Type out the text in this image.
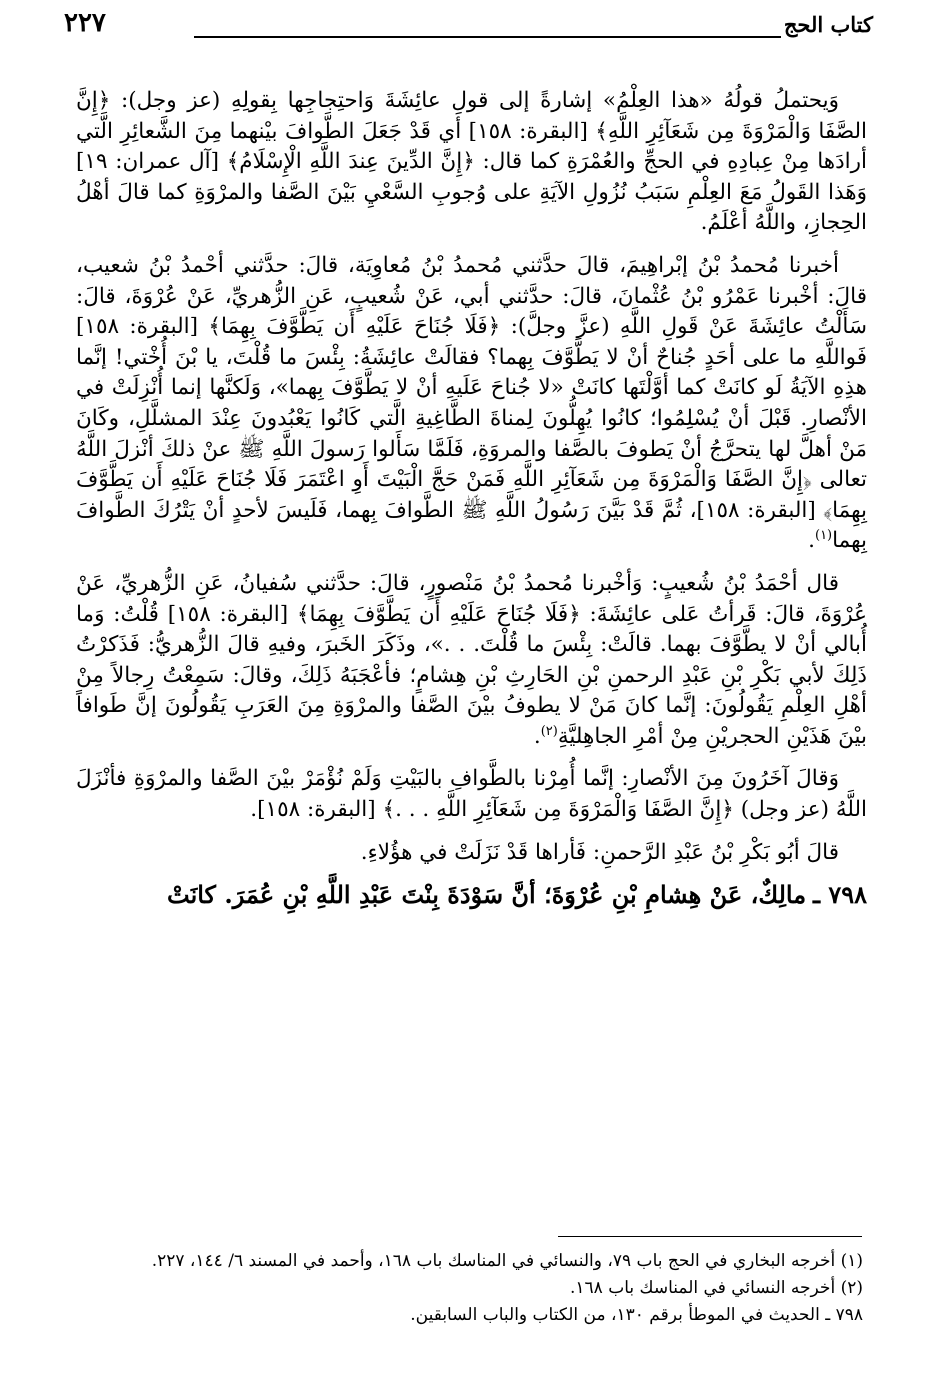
كتاب الحج
٢٢٧

وَيحتملُ قولُهُ «هذا العِلْمُ» إشارةً إلى قولِ عائِشَةَ وَاحتِجاجِها بِقولِهِ (عز وجل): ﴿إِنَّ الصَّفَا وَالْمَرْوَةَ مِن شَعَآئِرِ اللَّهِ﴾ [البقرة: ١٥٨] أي قَدْ جَعَلَ الطَّوافَ بيْنهما مِنَ الشَّعائِرِ الَّتي أرادَها مِنْ عِبادِهِ في الحجِّ والعُمْرَةِ كما قال: ﴿إِنَّ الدِّينَ عِندَ اللَّهِ الْإِسْلَامُ﴾ [آل عمران: ١٩] وَهَذا القَولُ مَعَ العِلْمِ سَبَبُ نُزُولِ الآيَةِ على وُجوبِ السَّعْيِ بَيْنَ الصَّفا والمرْوَةِ كما قالَ أهْلُ الحِجازِ، واللَّهُ أعْلَمُ.

أخبرنا مُحمدُ بْنُ إبْراهِيمَ، قالَ حدَّثني مُحمدُ بْنُ مُعاوِيَة، قالَ: حدَّثني أحْمدُ بْنُ شعيب، قالَ: أخْبرنا عَمْرُو بْنُ عُثْمانَ، قالَ: حدَّثني أبي، عَنْ شُعيبٍ، عَنِ الزُّهريِّ، عَنْ عُرْوَةَ، قالَ: سَأَلْتُ عائِشَةَ عَنْ قَولِ اللَّهِ (عزَّ وجلَّ): ﴿فَلَا جُنَاحَ عَلَيْهِ أَن يَطَّوَّفَ بِهِمَا﴾ [البقرة: ١٥٨] فَواللَّهِ ما على أحَدٍ جُناحٌ أنْ لا يَطَّوَّفَ بِهما؟ فقالَتْ عائِشَةُ: بِئْسَ ما قُلْتَ، يا بْنَ أُخْتي! إنَّما هذِهِ الآيَةُ لَو كانَتْ كما أوَّلْتَها كانَتْ «لا جُناحَ عَلَيهِ أنْ لا يَطَّوَّفَ بِهما»، وَلَكنَّها إنما أُنْزِلَتْ في الأنْصارِ. قَبْلَ أنْ يُسْلِمُوا؛ كانُوا يُهِلُّونَ لِمناةَ الطَّاغِيةِ الَّتي كَانُوا يَعْبُدونَ عِنْدَ المشلَّلِ، وكَانَ مَنْ أهلَّ لها يتحرَّجُ أنْ يَطوفَ بالصَّفا والمروَةِ، فَلَمَّا سَأَلوا رَسولَ اللَّهِ ﷺ عنْ ذلكَ أنْزلَ اللَّهُ تعالى ﴿إِنَّ الصَّفَا وَالْمَرْوَةَ مِن شَعَآئِرِ اللَّهِ فَمَنْ حَجَّ الْبَيْتَ أَوِ اعْتَمَرَ فَلَا جُنَاحَ عَلَيْهِ أَن يَطَّوَّفَ بِهِمَا﴾ [البقرة: ١٥٨]، ثُمَّ قَدْ بَيَّنَ رَسُولُ اللَّهِ ﷺ الطَّوافَ بِهما، فَلَيسَ لأحدٍ أنْ يَتْرُكَ الطَّوافَ بِهما$^{(١)}$.

قال أحْمَدُ بْنُ شُعيبٍ: وَأخْبرنا مُحمدُ بْنُ مَنْصورٍ، قالَ: حدَّثني سُفيانُ، عَنِ الزُّهريِّ، عَنْ عُرْوَةَ، قالَ: قَرأتُ عَلى عائِشَةَ: ﴿فَلَا جُنَاحَ عَلَيْهِ أَن يَطَّوَّفَ بِهِمَا﴾ [البقرة: ١٥٨] قُلْتُ: وَما أُبالي أنْ لا يطَّوَّفَ بهما. قالَتْ: بِئْسَ ما قُلْتَ. . .»، وذَكَرَ الخَبرَ، وفيهِ قالَ الزُّهريُّ: فَذَكرْتُ ذَلِكَ لأبي بَكْرِ بْنِ عَبْدِ الرحمنِ بْنِ الحَارِثِ بْنِ هِشامٍ؛ فأعْجَبَهُ ذَلِكَ، وقالَ: سَمِعْتُ رِجالاً مِنْ أهْلِ العِلْمِ يَقُولُونَ: إنَّما كانَ مَنْ لا يطوفُ بيْنَ الصَّفا والمرْوَةِ مِنَ العَرَبِ يَقُولُونَ إنَّ طَوافاً بيْنَ هَذَيْنِ الحجريْنِ مِنْ أمْرِ الجاهِليَّةِ$^{(٢)}$.

وَقالَ آخَرُونَ مِنَ الأنْصارِ: إنَّما أُمِرْنا بالطَّوافِ بالبَيْتِ وَلَمْ نُؤْمَرْ بيْنَ الصَّفا والمرْوَةِ فأنْزَلَ اللَّهُ (عز وجل) ﴿إِنَّ الصَّفَا وَالْمَرْوَةَ مِن شَعَآئِرِ اللَّهِ . . .﴾ [البقرة: ١٥٨].

قالَ أبُو بَكْرِ بْنُ عَبْدِ الرَّحمنِ: فَأراها قَدْ نَزَلَتْ في هؤُلاءِ.

٧٩٨ ـ مالِكٌ، عَنْ هِشامِ بْنِ عُرْوَةَ؛ أنَّ سَوْدَةَ بِنْتَ عَبْدِ اللَّهِ بْنِ عُمَرَ. كانَتْ

(١) أخرجه البخاري في الحج باب ٧٩، والنسائي في المناسك باب ١٦٨، وأحمد في المسند ٦/ ١٤٤، ٢٢٧.
(٢) أخرجه النسائي في المناسك باب ١٦٨.
٧٩٨ ـ الحديث في الموطأ برقم ١٣٠، من الكتاب والباب السابقين.
